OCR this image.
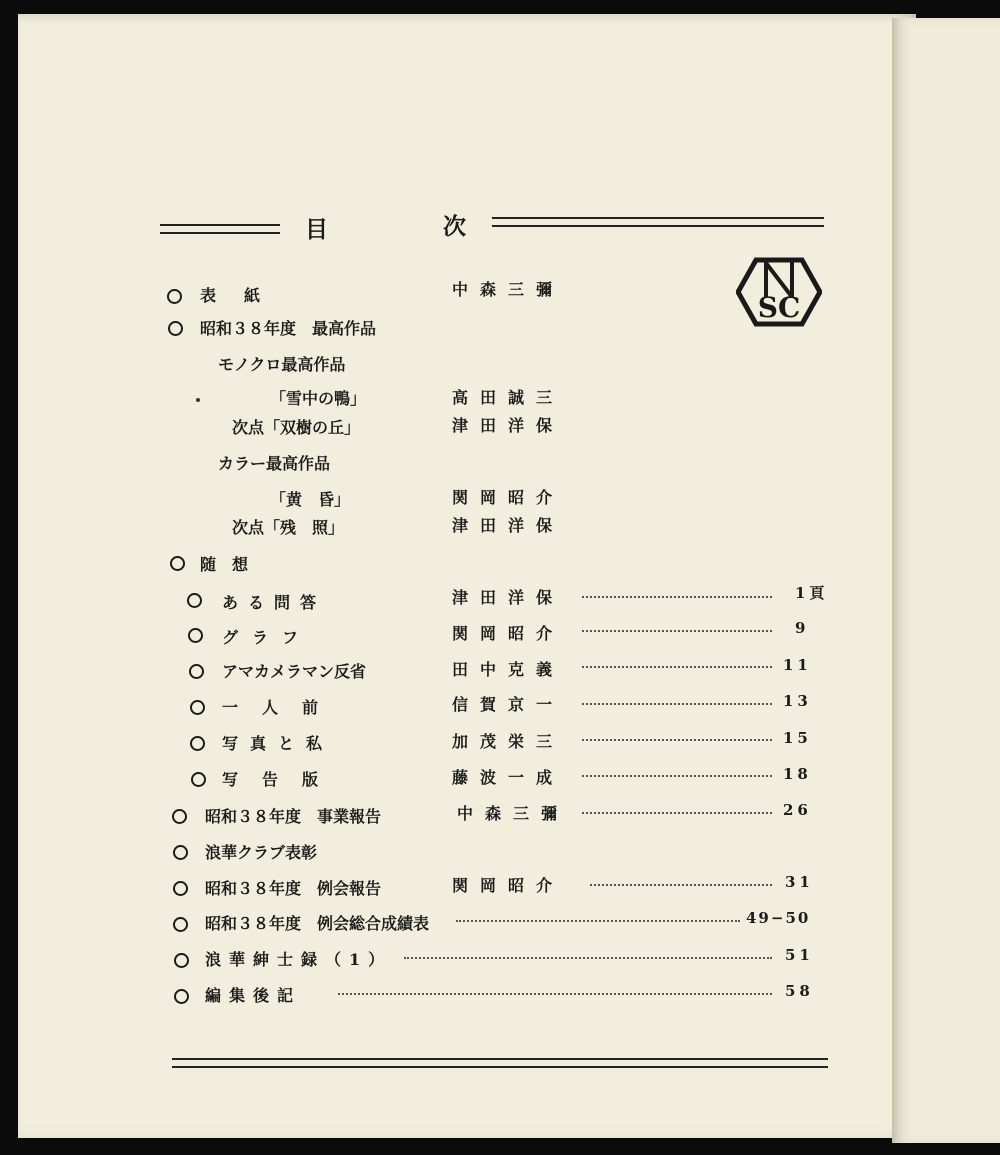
目	次
SC
表　紙	中森三彌
昭和３８年度　最高作品
モノクロ最高作品
「雪中の鴨」	高田誠三
次点「双樹の丘」	津田洋保
カラー最高作品
「黄　昏」	関岡昭介
次点「残　照」	津田洋保
随　想
ある問答	津田洋保	1頁
グラフ	関岡昭介	9
アマカメラマン反省	田中克義	11
一　人　前	信賀京一	13
写真と私	加茂栄三	15
写　告　版	藤波一成	18
昭和３８年度　事業報告	中森三彌	26
浪華クラブ表彰
昭和３８年度　例会報告	関岡昭介	31
昭和３８年度　例会総合成績表	49−50
浪華紳士録（1）	51
編集後記	58
